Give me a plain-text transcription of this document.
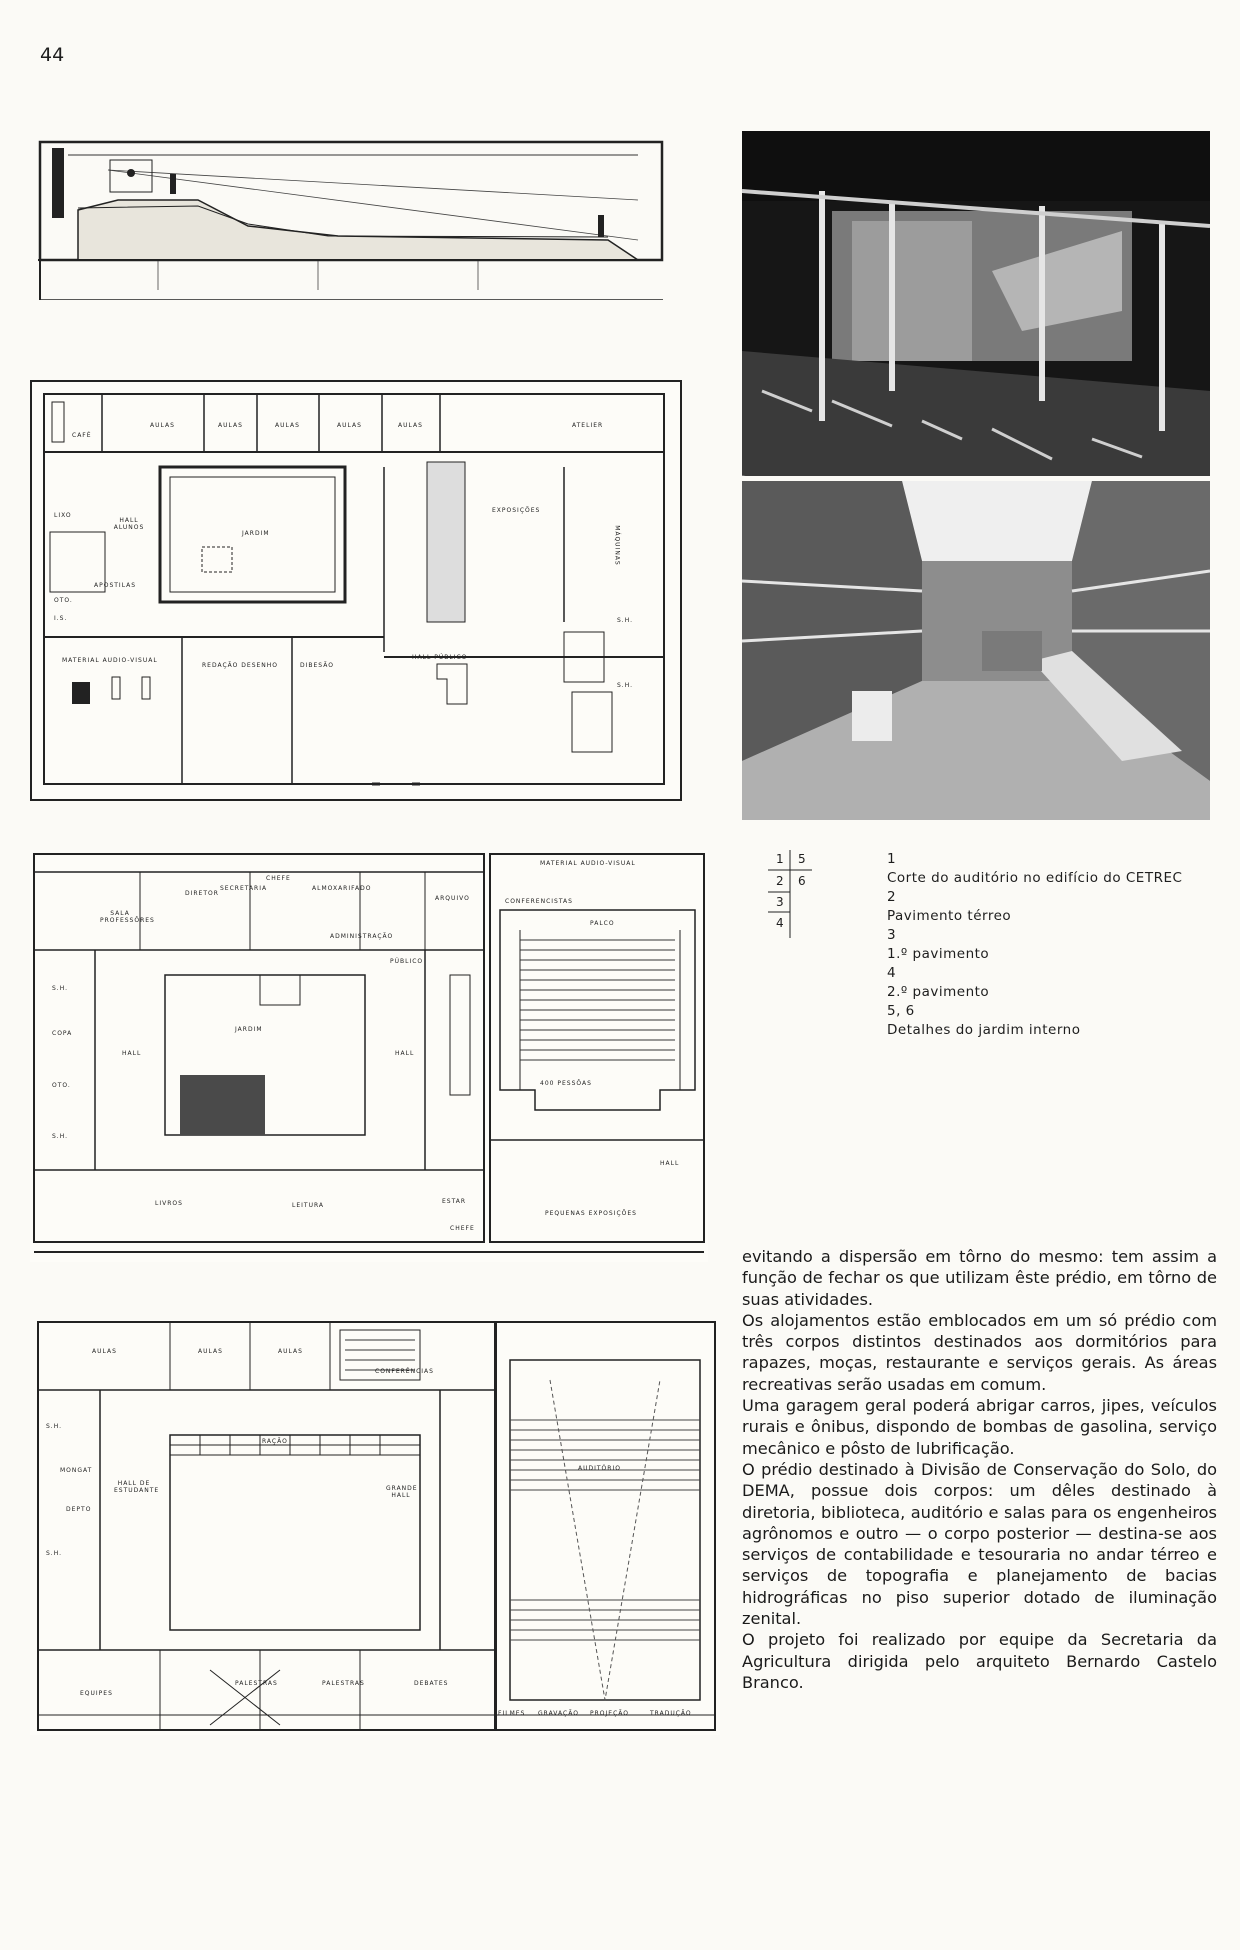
44
CAFÉ
AULAS	AULAS	AULAS	AULAS	AULAS	ATELIER
LIXO
HALL ALUNOS
JARDIM
EXPOSIÇÕES
MÁQUINAS
OTO.
APOSTILAS
I.S.	S.H.
MATERIAL AUDIO-VISUAL
REDAÇÃO DESENHO	DIBESÃO
HALL PÚBLICO
S.H.
DIRETOR
SECRETARIA
CHEFE
ALMOXARIFADO
ARQUIVO
SALA PROFESSÔRES
ADMINISTRAÇÃO
PÚBLICO
S.H.
COPA
OTO.
S.H.
HALL
JARDIM
HALL
MATERIAL AUDIO-VISUAL
CONFERENCISTAS
PALCO
400 PESSÔAS
HALL
LIVROS	LEITURA
ESTAR
CHEFE
PEQUENAS EXPOSIÇÕES
1 5
2 6
3
4
1
Corte do auditório no edifício do CETREC
2
Pavimento térreo
3
1.º pavimento
4
2.º pavimento
5, 6
Detalhes do jardim interno
AULAS	AULAS	AULAS
CONFERÊNCIAS
S.H.
MONGAT
HALL DE ESTUDANTE
DEPTO
S.H.
RAÇÃO
GRANDE HALL
AUDITÓRIO
EQUIPES
PALESTRAS	PALESTRAS	DEBATES
FILMES GRAVAÇÃO PROJEÇÃO	TRADUÇÃO

evitando a dispersão em tôrno do mesmo: tem assim a função de fechar os que utilizam êste prédio, em tôrno de suas atividades.

Os alojamentos estão emblocados em um só prédio com três corpos distintos destinados aos dormitórios para rapazes, moças, restaurante e serviços gerais. As áreas recreativas serão usadas em comum.

Uma garagem geral poderá abrigar carros, jipes, veículos rurais e ônibus, dispondo de bombas de gasolina, serviço mecânico e pôsto de lubrificação.

O prédio destinado à Divisão de Conservação do Solo, do DEMA, possue dois corpos: um dêles destinado à diretoria, biblioteca, auditório e salas para os engenheiros agrônomos e outro — o corpo posterior — destina-se aos serviços de contabilidade e tesouraria no andar térreo e serviços de topografia e planejamento de bacias hidrográficas no piso superior dotado de iluminação zenital.

O projeto foi realizado por equipe da Secretaria da Agricultura dirigida pelo arquiteto Bernardo Castelo Branco.
